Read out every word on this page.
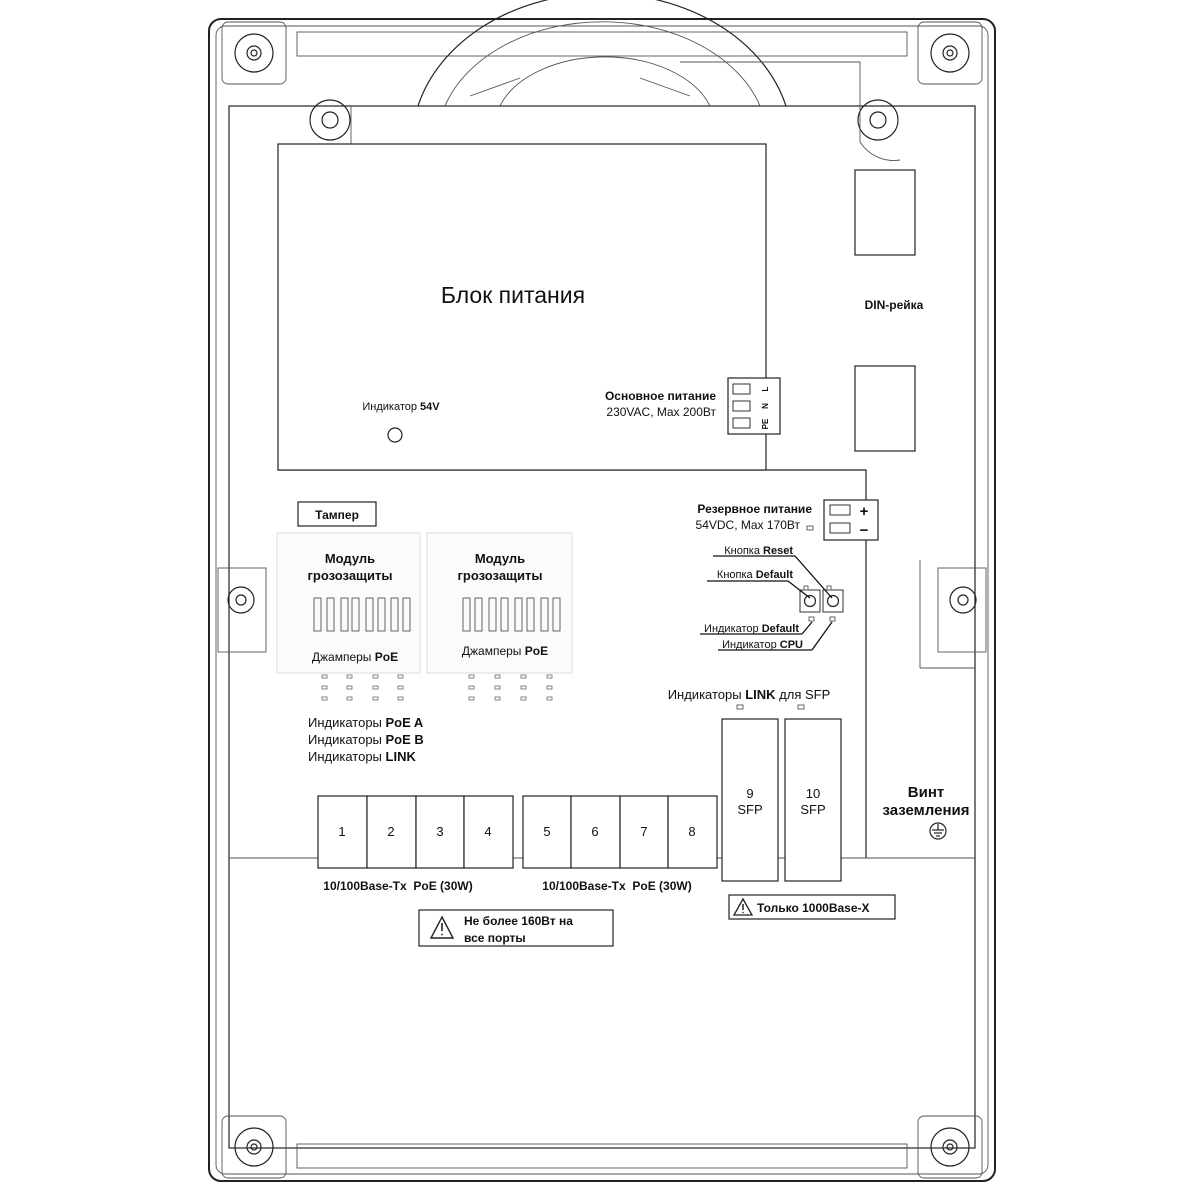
Блок питания
Индикатор 54V
Основное питание
230VAC, Max 200Вт
L
N
PE
DIN-рейка
Тампер
Модуль
грозозащиты
Джамперы PoE
Модуль
грозозащиты
Джамперы PoE
Индикаторы PoE A
Индикаторы PoE B
Индикаторы LINK
Резервное питание
54VDC, Max 170Вт
+
−
Кнопка Reset
Кнопка Default
Индикатор Default
Индикатор CPU
Индикаторы LINK для SFP
1	2	3	4	5	6	7	8
10/100Base-Tx  PoE (30W)	10/100Base-Tx  PoE (30W)
9
SFP
10
SFP
Винт
заземления
Не более 160Вт на
все порты
Только 1000Base-X
